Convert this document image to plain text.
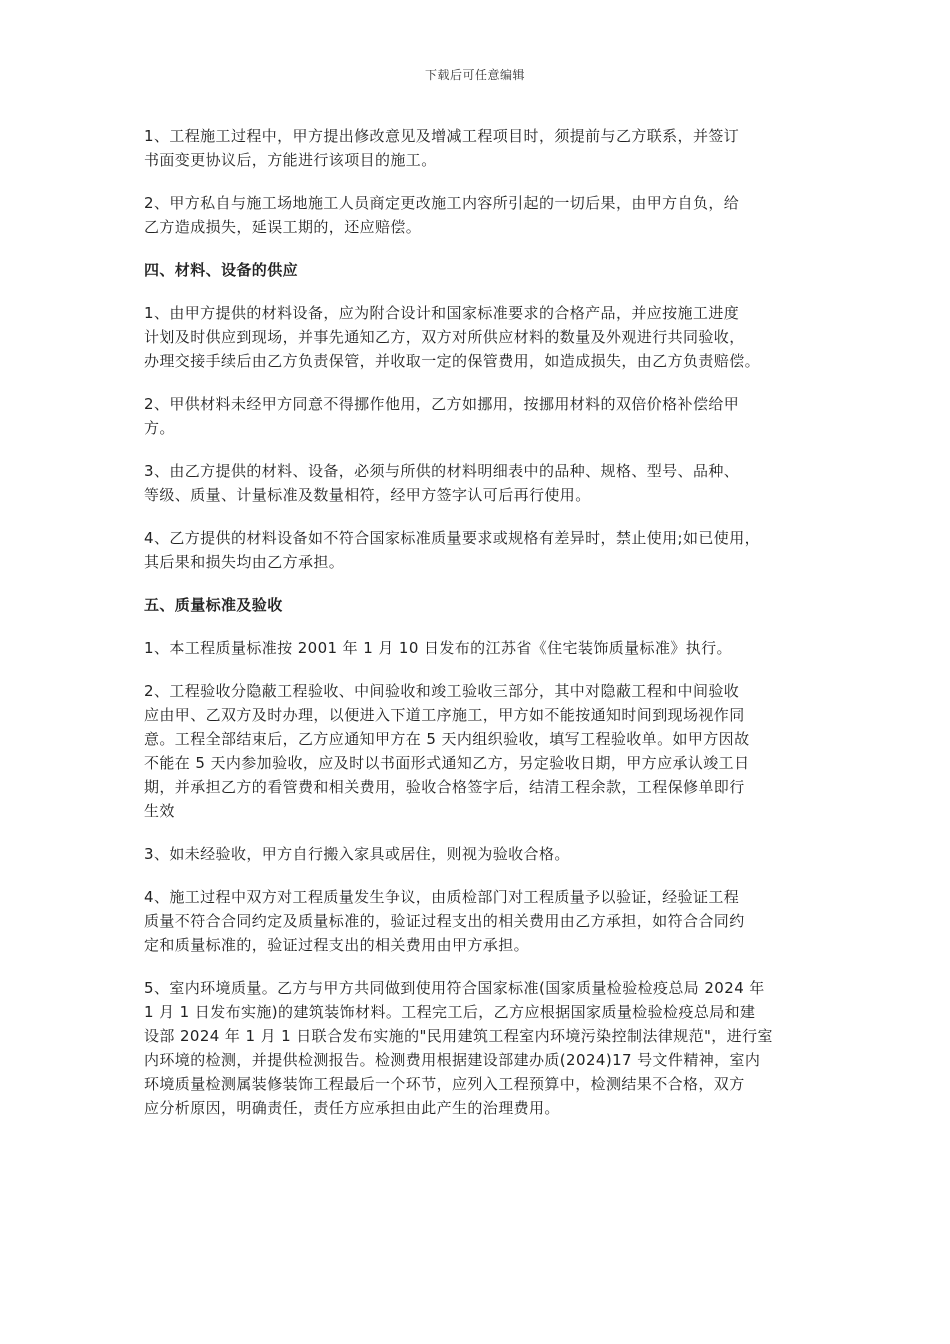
下载后可任意编辑

1、工程施工过程中，甲方提出修改意见及增减工程项目时，须提前与乙方联系，并签订
书面变更协议后，方能进行该项目的施工。

2、甲方私自与施工场地施工人员商定更改施工内容所引起的一切后果，由甲方自负，给
乙方造成损失，延误工期的，还应赔偿。

四、材料、设备的供应

1、由甲方提供的材料设备，应为附合设计和国家标准要求的合格产品，并应按施工进度
计划及时供应到现场，并事先通知乙方，双方对所供应材料的数量及外观进行共同验收，
办理交接手续后由乙方负责保管，并收取一定的保管费用，如造成损失，由乙方负责赔偿。

2、甲供材料未经甲方同意不得挪作他用，乙方如挪用，按挪用材料的双倍价格补偿给甲
方。

3、由乙方提供的材料、设备，必须与所供的材料明细表中的品种、规格、型号、品种、
等级、质量、计量标准及数量相符，经甲方签字认可后再行使用。

4、乙方提供的材料设备如不符合国家标准质量要求或规格有差异时，禁止使用;如已使用，
其后果和损失均由乙方承担。

五、质量标准及验收

1、本工程质量标准按 2001 年 1 月 10 日发布的江苏省《住宅装饰质量标准》执行。

2、工程验收分隐蔽工程验收、中间验收和竣工验收三部分，其中对隐蔽工程和中间验收
应由甲、乙双方及时办理，以便进入下道工序施工，甲方如不能按通知时间到现场视作同
意。工程全部结束后，乙方应通知甲方在 5 天内组织验收，填写工程验收单。如甲方因故
不能在 5 天内参加验收，应及时以书面形式通知乙方，另定验收日期，甲方应承认竣工日
期，并承担乙方的看管费和相关费用，验收合格签字后，结清工程余款，工程保修单即行
生效

3、如未经验收，甲方自行搬入家具或居住，则视为验收合格。

4、施工过程中双方对工程质量发生争议，由质检部门对工程质量予以验证，经验证工程
质量不符合合同约定及质量标准的，验证过程支出的相关费用由乙方承担，如符合合同约
定和质量标准的，验证过程支出的相关费用由甲方承担。

5、室内环境质量。乙方与甲方共同做到使用符合国家标准(国家质量检验检疫总局 2024 年
1 月 1 日发布实施)的建筑装饰材料。工程完工后，乙方应根据国家质量检验检疫总局和建
设部 2024 年 1 月 1 日联合发布实施的"民用建筑工程室内环境污染控制法律规范"，进行室
内环境的检测，并提供检测报告。检测费用根据建设部建办质(2024)17 号文件精神，室内
环境质量检测属装修装饰工程最后一个环节，应列入工程预算中，检测结果不合格，双方
应分析原因，明确责任，责任方应承担由此产生的治理费用。
